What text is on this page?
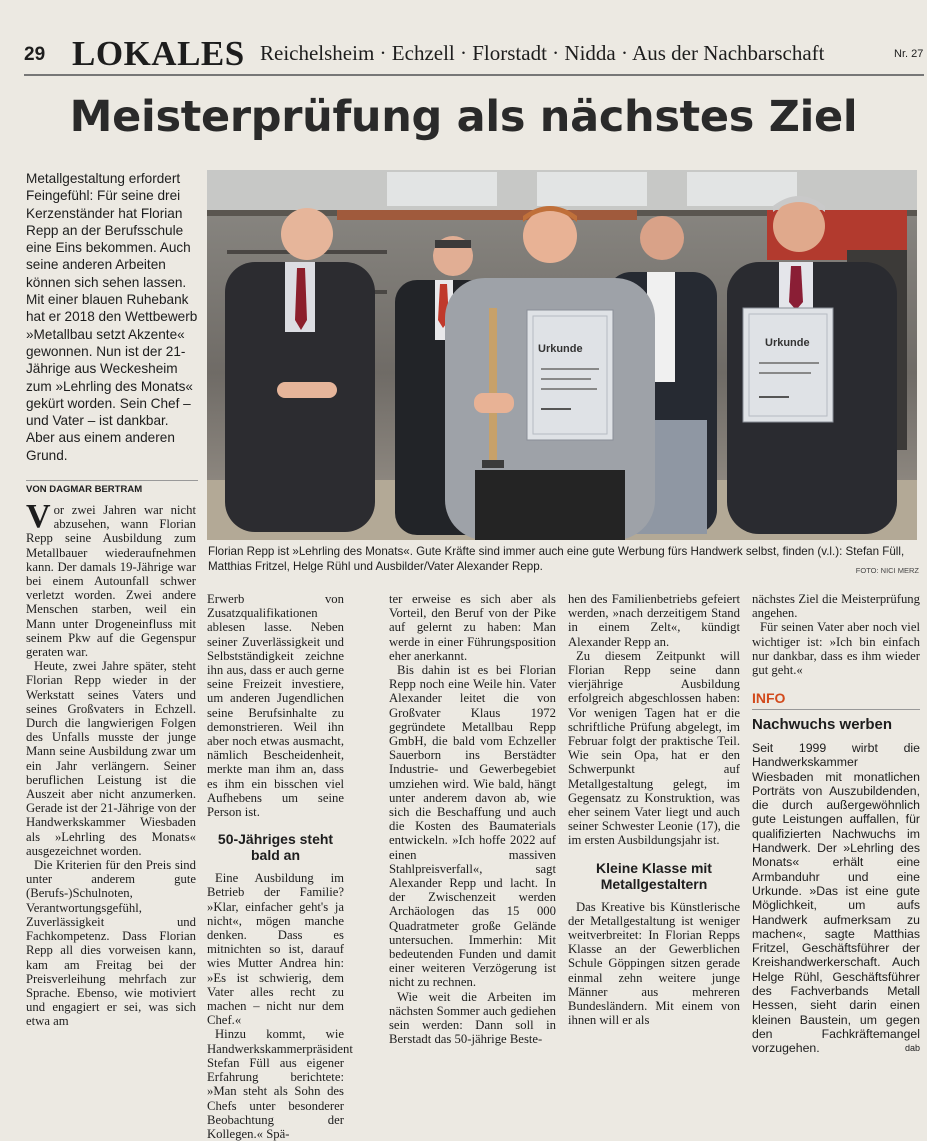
29 LOKALES Reichelsheim · Echzell · Florstadt · Nidda · Aus der Nachbarschaft	Nr. 27
Meisterprüfung als nächstes Ziel
Metallgestaltung erfordert Feingefühl: Für seine drei Kerzenständer hat Florian Repp an der Berufsschule eine Eins bekommen. Auch seine anderen Arbeiten können sich sehen lassen. Mit einer blauen Ruhebank hat er 2018 den Wettbewerb »Metallbau setzt Akzente« gewonnen. Nun ist der 21-Jährige aus Weckesheim zum »Lehrling des Monats« gekürt worden. Sein Chef – und Vater – ist dankbar. Aber aus einem anderen Grund.
VON DAGMAR BERTRAM
Urkunde	Urkunde
Florian Repp ist »Lehrling des Monats«. Gute Kräfte sind immer auch eine gute Werbung fürs Handwerk selbst, finden (v.l.): Stefan Füll, Matthias Fritzel, Helge Rühl und Ausbilder/Vater Alexander Repp.	FOTO: NICI MERZ

Vor zwei Jahren war nicht abzusehen, wann Florian Repp seine Ausbildung zum Metallbauer wiederaufnehmen kann. Der damals 19-Jährige war bei einem Autounfall schwer verletzt worden. Zwei andere Menschen starben, weil ein Mann unter Drogeneinfluss mit seinem Pkw auf die Gegenspur geraten war.

Heute, zwei Jahre später, steht Florian Repp wieder in der Werkstatt seines Vaters und seines Großvaters in Echzell. Durch die langwierigen Folgen des Unfalls musste der junge Mann seine Ausbildung zwar um ein Jahr verlängern. Seiner beruflichen Leistung ist die Auszeit aber nicht anzumerken. Gerade ist der 21-Jährige von der Handwerkskammer Wiesbaden als »Lehrling des Monats« ausgezeichnet worden.

Die Kriterien für den Preis sind unter anderem gute (Berufs-)Schulnoten, Verantwortungsgefühl, Zuverlässigkeit und Fachkompetenz. Dass Florian Repp all dies vorweisen kann, kam am Freitag bei der Preisverleihung mehrfach zur Sprache. Ebenso, wie motiviert und engagiert er sei, was sich etwa am

Erwerb von Zusatzqualifikationen ablesen lasse. Neben seiner Zuverlässigkeit und Selbstständigkeit zeichne ihn aus, dass er auch gerne seine Freizeit investiere, um anderen Jugendlichen seine Berufsinhalte zu demonstrieren. Weil ihn aber noch etwas ausmacht, nämlich Bescheidenheit, merkte man ihm an, dass es ihm ein bisschen viel Aufhebens um seine Person ist.

50-Jähriges steht bald an

Eine Ausbildung im Betrieb der Familie? »Klar, einfacher geht's ja nicht«, mögen manche denken. Dass es mitnichten so ist, darauf wies Mutter Andrea hin: »Es ist schwierig, dem Vater alles recht zu machen – nicht nur dem Chef.«

Hinzu kommt, wie Handwerkskammerpräsident Stefan Füll aus eigener Erfahrung berichtete: »Man steht als Sohn des Chefs unter besonderer Beobachtung der Kollegen.« Spä-

ter erweise es sich aber als Vorteil, den Beruf von der Pike auf gelernt zu haben: Man werde in einer Führungsposition eher anerkannt.

Bis dahin ist es bei Florian Repp noch eine Weile hin. Vater Alexander leitet die von Großvater Klaus 1972 gegründete Metallbau Repp GmbH, die bald vom Echzeller Sauerborn ins Berstädter Industrie- und Gewerbegebiet umziehen wird. Wie bald, hängt unter anderem davon ab, wie sich die Beschaffung und auch die Kosten des Baumaterials entwickeln. »Ich hoffe 2022 auf einen massiven Stahlpreisverfall«, sagt Alexander Repp und lacht. In der Zwischenzeit werden Archäologen das 15 000 Quadratmeter große Gelände untersuchen. Immerhin: Mit bedeutenden Funden und damit einer weiteren Verzögerung ist nicht zu rechnen.

Wie weit die Arbeiten im nächsten Sommer auch gediehen sein werden: Dann soll in Berstadt das 50-jährige Beste-

hen des Familienbetriebs gefeiert werden, »nach derzeitigem Stand in einem Zelt«, kündigt Alexander Repp an.

Zu diesem Zeitpunkt will Florian Repp seine dann vierjährige Ausbildung erfolgreich abgeschlossen haben: Vor wenigen Tagen hat er die schriftliche Prüfung abgelegt, im Februar folgt der praktische Teil. Wie sein Opa, hat er den Schwerpunkt auf Metallgestaltung gelegt, im Gegensatz zu Konstruktion, was eher seinem Vater liegt und auch seiner Schwester Leonie (17), die im ersten Ausbildungsjahr ist.

Kleine Klasse mit Metallgestaltern

Das Kreative bis Künstlerische der Metallgestaltung ist weniger weitverbreitet: In Florian Repps Klasse an der Gewerblichen Schule Göppingen sitzen gerade einmal zehn weitere junge Männer aus mehreren Bundesländern. Mit einem von ihnen will er als

nächstes Ziel die Meisterprüfung angehen.

Für seinen Vater aber noch viel wichtiger ist: »Ich bin einfach nur dankbar, dass es ihm wieder gut geht.«

INFO
Nachwuchs werben
Seit 1999 wirbt die Handwerkskammer Wiesbaden mit monatlichen Porträts von Auszubildenden, die durch außergewöhnlich gute Leistungen auffallen, für qualifizierten Nachwuchs im Handwerk. Der »Lehrling des Monats« erhält eine Armbanduhr und eine Urkunde. »Das ist eine gute Möglichkeit, um aufs Handwerk aufmerksam zu machen«, sagte Matthias Fritzel, Geschäftsführer der Kreishandwerkerschaft. Auch Helge Rühl, Geschäftsführer des Fachverbands Metall Hessen, sieht darin einen kleinen Baustein, um gegen den Fachkräftemangel vorzugehen.	dab
